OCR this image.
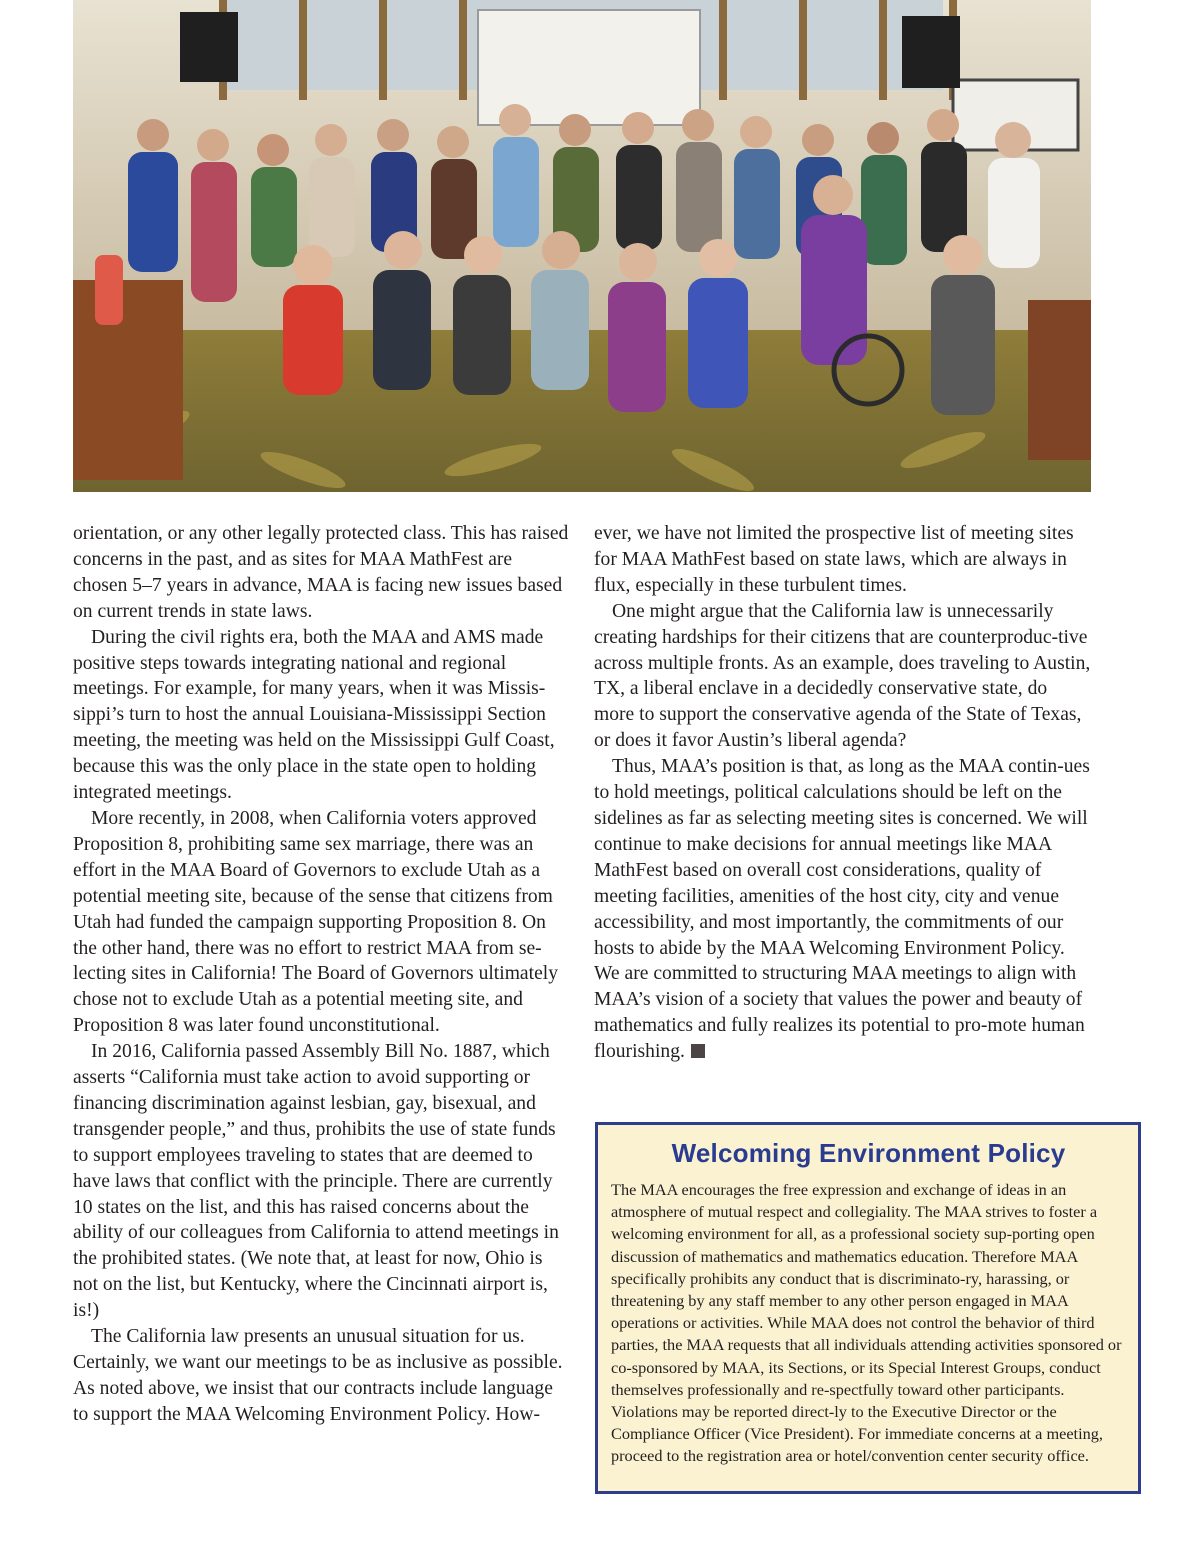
orientation, or any other legally protected class. This has raised concerns in the past, and as sites for MAA MathFest are chosen 5–7 years in advance, MAA is facing new issues based on current trends in state laws.

During the civil rights era, both the MAA and AMS made positive steps towards integrating national and regional meetings. For example, for many years, when it was Missis-sippi’s turn to host the annual Louisiana-Mississippi Section meeting, the meeting was held on the Mississippi Gulf Coast, because this was the only place in the state open to holding integrated meetings.

More recently, in 2008, when California voters approved Proposition 8, prohibiting same sex marriage, there was an effort in the MAA Board of Governors to exclude Utah as a potential meeting site, because of the sense that citizens from Utah had funded the campaign supporting Proposition 8. On the other hand, there was no effort to restrict MAA from se-lecting sites in California! The Board of Governors ultimately chose not to exclude Utah as a potential meeting site, and Proposition 8 was later found unconstitutional.

In 2016, California passed Assembly Bill No. 1887, which asserts “California must take action to avoid supporting or financing discrimination against lesbian, gay, bisexual, and transgender people,” and thus, prohibits the use of state funds to support employees traveling to states that are deemed to have laws that conflict with the principle. There are currently 10 states on the list, and this has raised concerns about the ability of our colleagues from California to attend meetings in the prohibited states. (We note that, at least for now, Ohio is not on the list, but Kentucky, where the Cincinnati airport is, is!)

The California law presents an unusual situation for us. Certainly, we want our meetings to be as inclusive as possible. As noted above, we insist that our contracts include language to support the MAA Welcoming Environment Policy. How-

ever, we have not limited the prospective list of meeting sites for MAA MathFest based on state laws, which are always in flux, especially in these turbulent times.

One might argue that the California law is unnecessarily creating hardships for their citizens that are counterproduc-tive across multiple fronts. As an example, does traveling to Austin, TX, a liberal enclave in a decidedly conservative state, do more to support the conservative agenda of the State of Texas, or does it favor Austin’s liberal agenda?

Thus, MAA’s position is that, as long as the MAA contin-ues to hold meetings, political calculations should be left on the sidelines as far as selecting meeting sites is concerned. We will continue to make decisions for annual meetings like MAA MathFest based on overall cost considerations, quality of meeting facilities, amenities of the host city, city and venue accessibility, and most importantly, the commitments of our hosts to abide by the MAA Welcoming Environment Policy. We are committed to structuring MAA meetings to align with MAA’s vision of a society that values the power and beauty of mathematics and fully realizes its potential to pro-mote human flourishing.

Welcoming Environment Policy

The MAA encourages the free expression and exchange of ideas in an atmosphere of mutual respect and collegiality. The MAA strives to foster a welcoming environment for all, as a professional society sup-porting open discussion of mathematics and mathematics education. Therefore MAA specifically prohibits any conduct that is discriminato-ry, harassing, or threatening by any staff member to any other person engaged in MAA operations or activities. While MAA does not control the behavior of third parties, the MAA requests that all individuals attending activities sponsored or co-sponsored by MAA, its Sections, or its Special Interest Groups, conduct themselves professionally and re-spectfully toward other participants. Violations may be reported direct-ly to the Executive Director or the Compliance Officer (Vice President). For immediate concerns at a meeting, proceed to the registration area or hotel/convention center security office.
